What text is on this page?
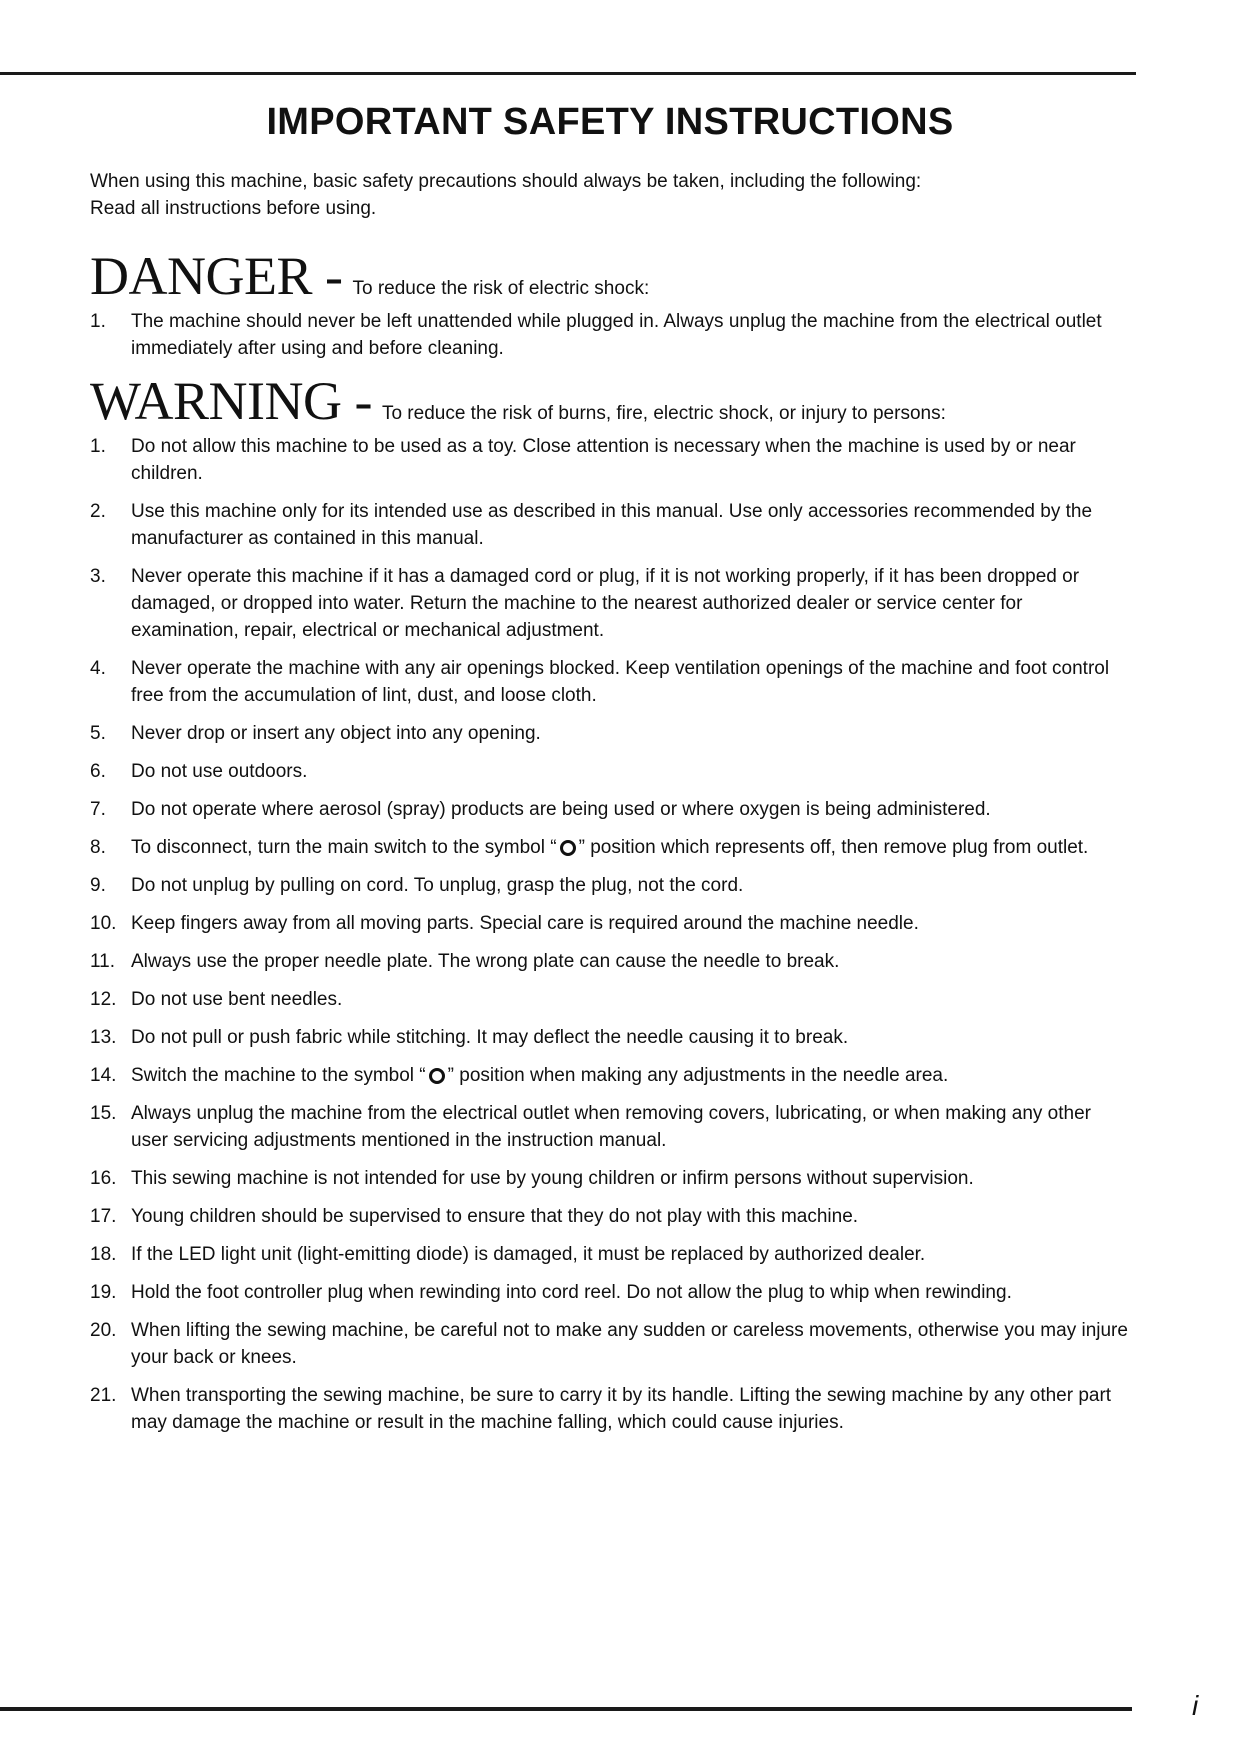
IMPORTANT SAFETY INSTRUCTIONS

When using this machine, basic safety precautions should always be taken, including the following:

Read all instructions before using.

DANGER - To reduce the risk of electric shock:
1.	The machine should never be left unattended while plugged in. Always unplug the machine from the electrical outlet immediately after using and before cleaning.
WARNING - To reduce the risk of burns, fire, electric shock, or injury to persons:
1.	Do not allow this machine to be used as a toy. Close attention is necessary when the machine is used by or near children.
2.	Use this machine only for its intended use as described in this manual. Use only accessories recommended by the manufacturer as contained in this manual.
3.	Never operate this machine if it has a damaged cord or plug, if it is not working properly, if it has been dropped or damaged, or dropped into water. Return the machine to the nearest authorized dealer or service center for examination, repair, electrical or mechanical adjustment.
4.	Never operate the machine with any air openings blocked. Keep ventilation openings of the machine and foot control free from the accumulation of lint, dust, and loose cloth.
5.	Never drop or insert any object into any opening.
6.	Do not use outdoors.
7.	Do not operate where aerosol (spray) products are being used or where oxygen is being administered.
8.	To disconnect, turn the main switch to the symbol “ ” position which represents off, then remove plug from outlet.
9.	Do not unplug by pulling on cord. To unplug, grasp the plug, not the cord.
10. Keep fingers away from all moving parts. Special care is required around the machine needle.
11. Always use the proper needle plate. The wrong plate can cause the needle to break.
12. Do not use bent needles.
13. Do not pull or push fabric while stitching. It may deflect the needle causing it to break.
14. Switch the machine to the symbol “ ” position when making any adjustments in the needle area.
15. Always unplug the machine from the electrical outlet when removing covers, lubricating, or when making any other user servicing adjustments mentioned in the instruction manual.
16. This sewing machine is not intended for use by young children or infirm persons without supervision.
17. Young children should be supervised to ensure that they do not play with this machine.
18. If the LED light unit (light-emitting diode) is damaged, it must be replaced by authorized dealer.
19. Hold the foot controller plug when rewinding into cord reel. Do not allow the plug to whip when rewinding.
20. When lifting the sewing machine, be careful not to make any sudden or careless movements, otherwise you may injure your back or knees.
21. When transporting the sewing machine, be sure to carry it by its handle. Lifting the sewing machine by any other part may damage the machine or result in the machine falling, which could cause injuries.

i
